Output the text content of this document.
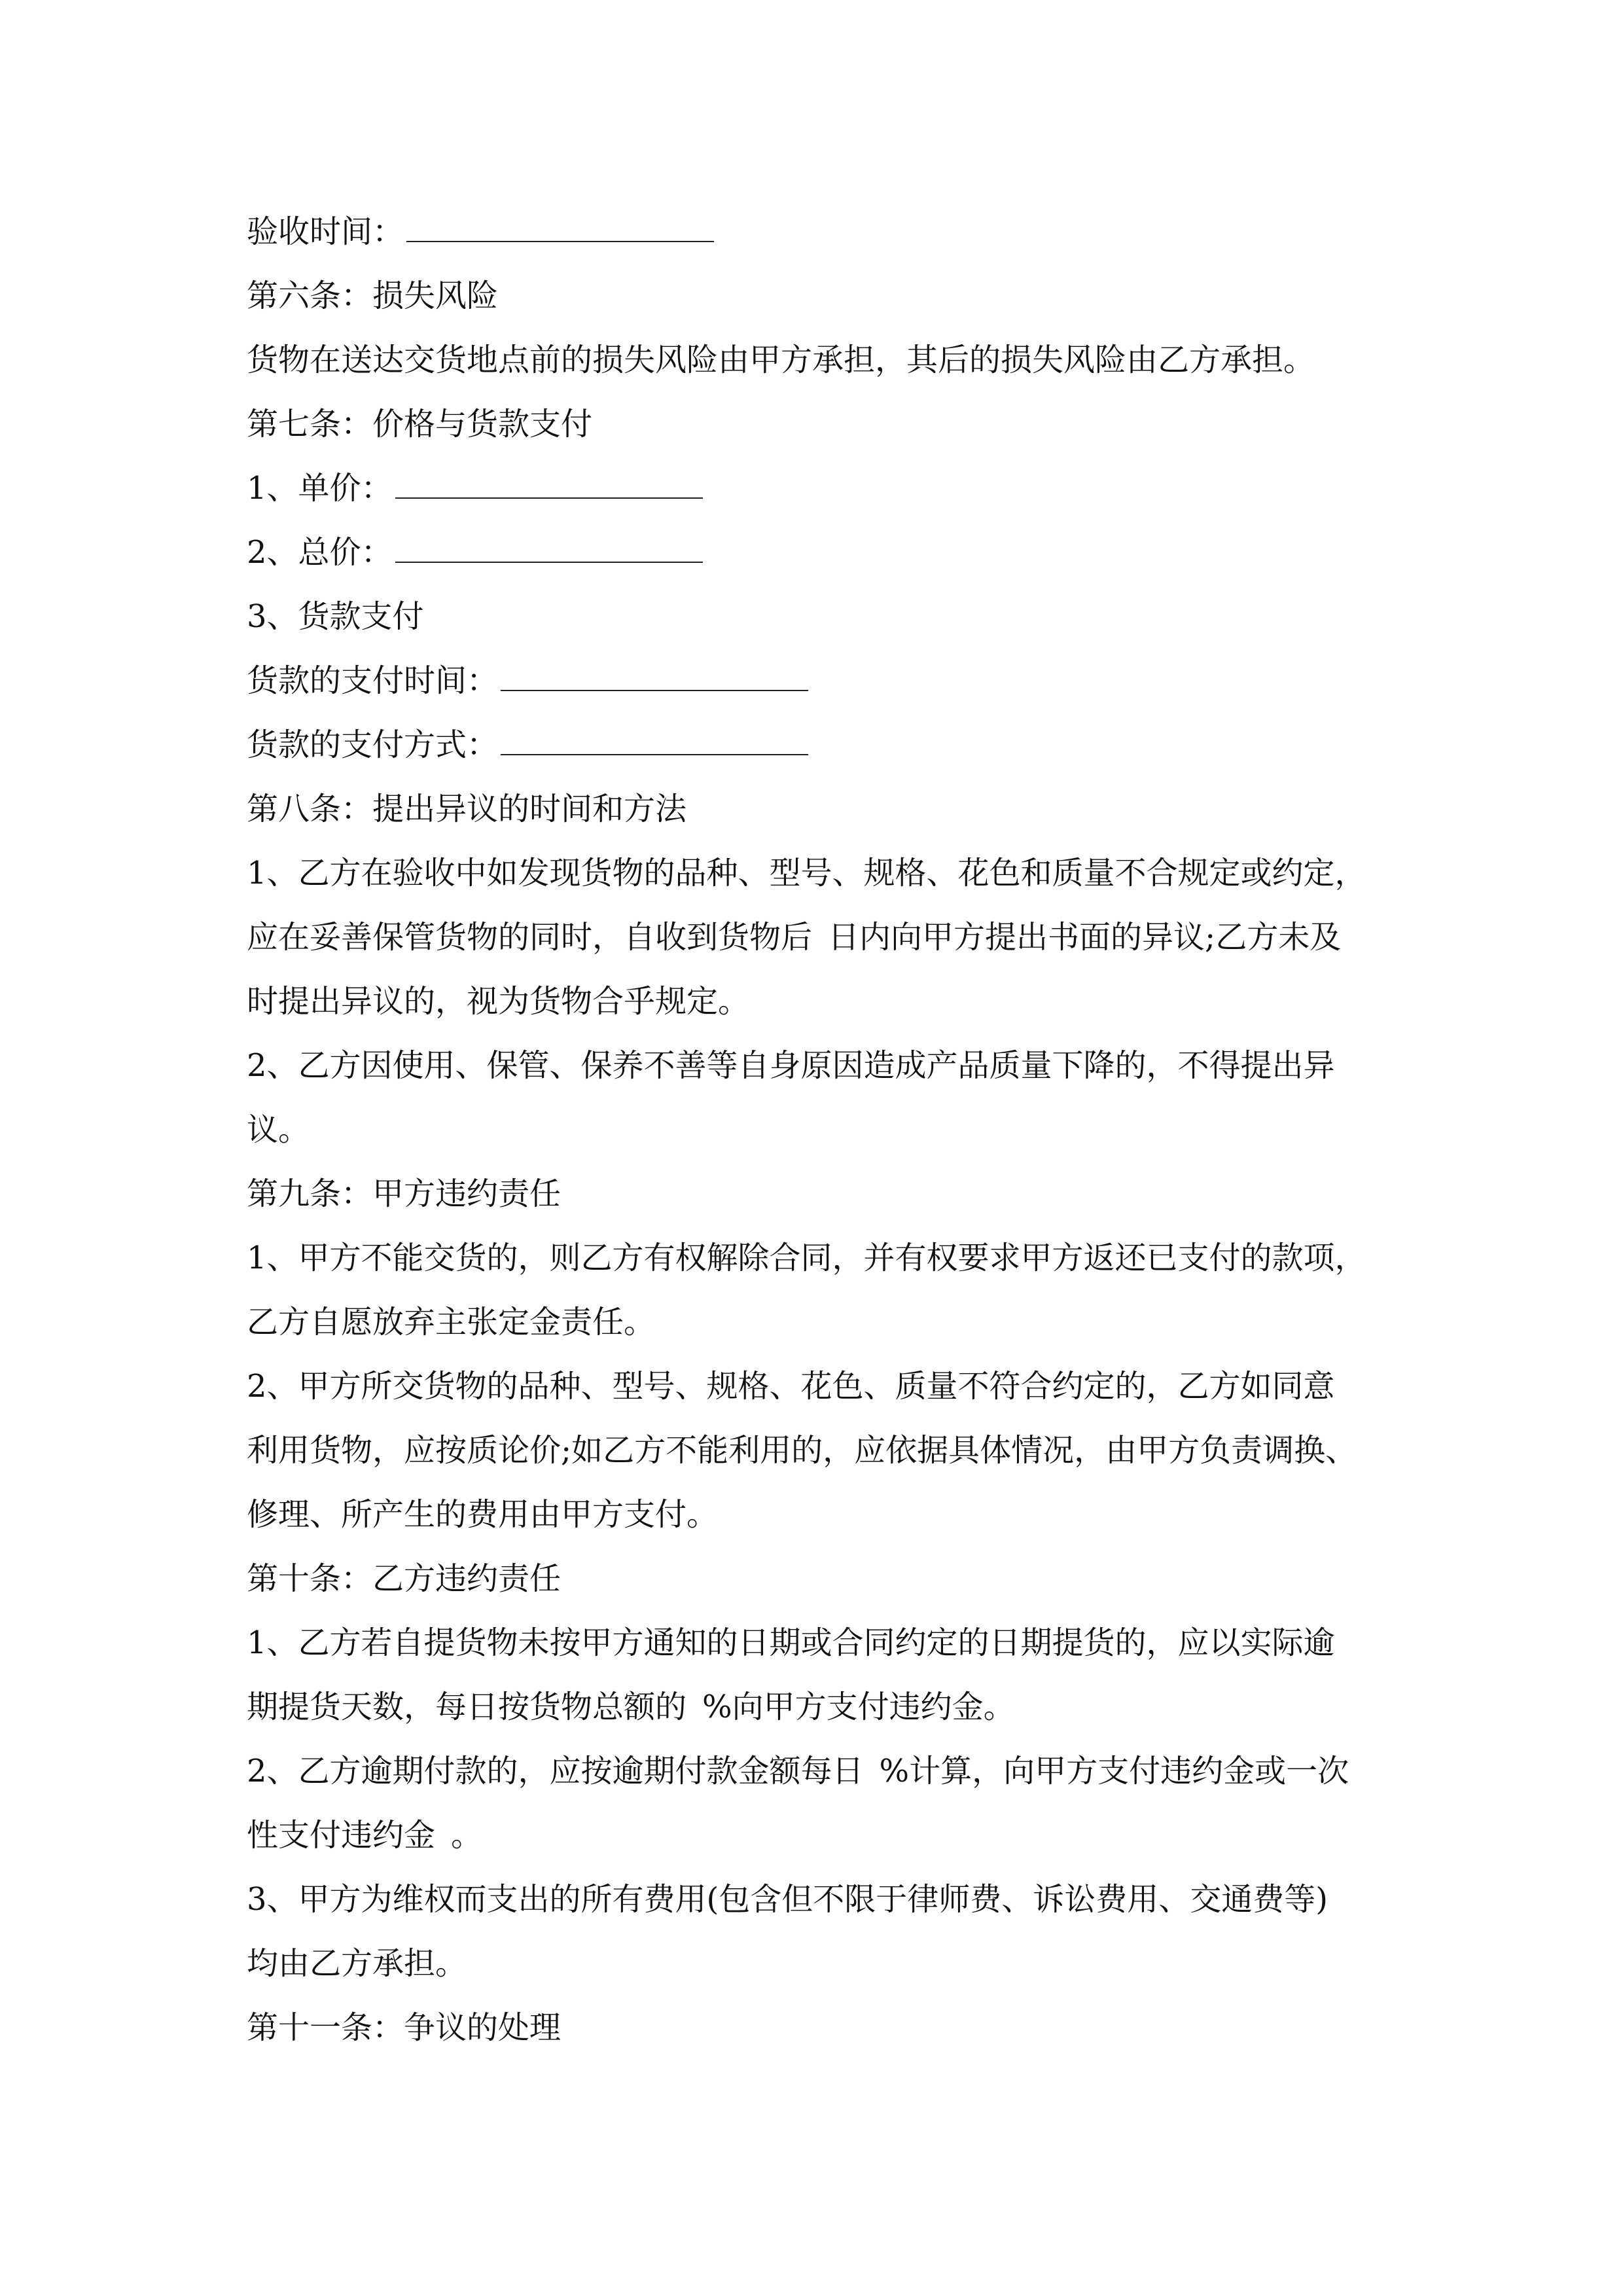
验收时间：
第六条：损失风险
货物在送达交货地点前的损失风险由甲方承担，其后的损失风险由乙方承担。
第七条：价格与货款支付
1、单价：
2、总价：
3、货款支付
货款的支付时间：
货款的支付方式：
第八条：提出异议的时间和方法
1、乙方在验收中如发现货物的品种、型号、规格、花色和质量不合规定或约定，
应在妥善保管货物的同时，自收到货物后 日内向甲方提出书面的异议;乙方未及
时提出异议的，视为货物合乎规定。
2、乙方因使用、保管、保养不善等自身原因造成产品质量下降的，不得提出异
议。
第九条：甲方违约责任
1、甲方不能交货的，则乙方有权解除合同，并有权要求甲方返还已支付的款项，
乙方自愿放弃主张定金责任。
2、甲方所交货物的品种、型号、规格、花色、质量不符合约定的，乙方如同意
利用货物，应按质论价;如乙方不能利用的，应依据具体情况，由甲方负责调换、
修理、所产生的费用由甲方支付。
第十条：乙方违约责任
1、乙方若自提货物未按甲方通知的日期或合同约定的日期提货的，应以实际逾
期提货天数，每日按货物总额的 %向甲方支付违约金。
2、乙方逾期付款的，应按逾期付款金额每日 %计算，向甲方支付违约金或一次
性支付违约金 。
3、甲方为维权而支出的所有费用(包含但不限于律师费、诉讼费用、交通费等)
均由乙方承担。
第十一条：争议的处理
